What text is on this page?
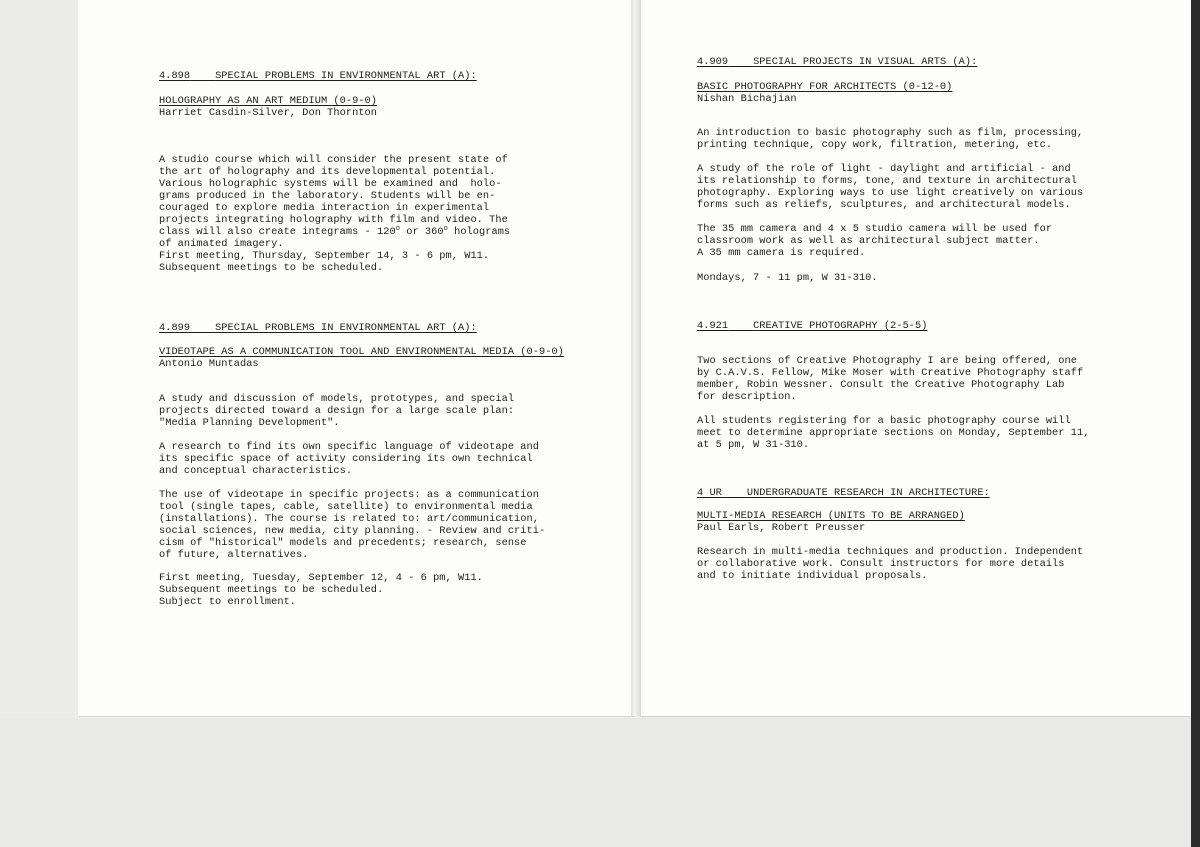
4.898 SPECIAL PROBLEMS IN ENVIRONMENTAL ART (A):
HOLOGRAPHY AS AN ART MEDIUM (0-9-0)
Harriet Casdin-Silver, Don Thornton

A studio course which will consider the present state of
the art of holography and its developmental potential.
Various holographic systems will be examined and  holo-
grams produced in the laboratory. Students will be en-
couraged to explore media interaction in experimental
projects integrating holography with film and video. The
class will also create integrams - 120$^o$ or 360$^o$ holograms
of animated imagery.

First meeting, Thursday, September 14, 3 - 6 pm, W11.
Subsequent meetings to be scheduled.
4.899 SPECIAL PROBLEMS IN ENVIRONMENTAL ART (A):
VIDEOTAPE AS A COMMUNICATION TOOL AND ENVIRONMENTAL MEDIA (0-9-0)
Antonio Muntadas
A study and discussion of models, prototypes, and special
projects directed toward a design for a large scale plan:
"Media Planning Development".
A research to find its own specific language of videotape and
its specific space of activity considering its own technical
and conceptual characteristics.
The use of videotape in specific projects: as a communication
tool (single tapes, cable, satellite) to environmental media
(installations). The course is related to: art/communication,
social sciences, new media, city planning. - Review and criti-
cism of "historical" models and precedents; research, sense
of future, alternatives.
First meeting, Tuesday, September 12, 4 - 6 pm, W11.
Subsequent meetings to be scheduled.
Subject to enrollment.
4.909 SPECIAL PROJECTS IN VISUAL ARTS (A):
BASIC PHOTOGRAPHY FOR ARCHITECTS (0-12-0)
Nishan Bichajian
An introduction to basic photography such as film, processing,
printing technique, copy work, filtration, metering, etc.
A study of the role of light - daylight and artificial - and
its relationship to forms, tone, and texture in architectural
photography. Exploring ways to use light creatively on various
forms such as reliefs, sculptures, and architectural models.
The 35 mm camera and 4 x 5 studio camera will be used for
classroom work as well as architectural subject matter.
A 35 mm camera is required.
Mondays, 7 - 11 pm, W 31-310.
4.921 CREATIVE PHOTOGRAPHY (2-5-5)
Two sections of Creative Photography I are being offered, one
by C.A.V.S. Fellow, Mike Moser with Creative Photography staff
member, Robin Wessner. Consult the Creative Photography Lab
for description.
All students registering for a basic photography course will
meet to determine appropriate sections on Monday, September 11,
at 5 pm, W 31-310.
4 UR UNDERGRADUATE RESEARCH IN ARCHITECTURE:
MULTI-MEDIA RESEARCH (UNITS TO BE ARRANGED)
Paul Earls, Robert Preusser
Research in multi-media techniques and production. Independent
or collaborative work. Consult instructors for more details
and to initiate individual proposals.
